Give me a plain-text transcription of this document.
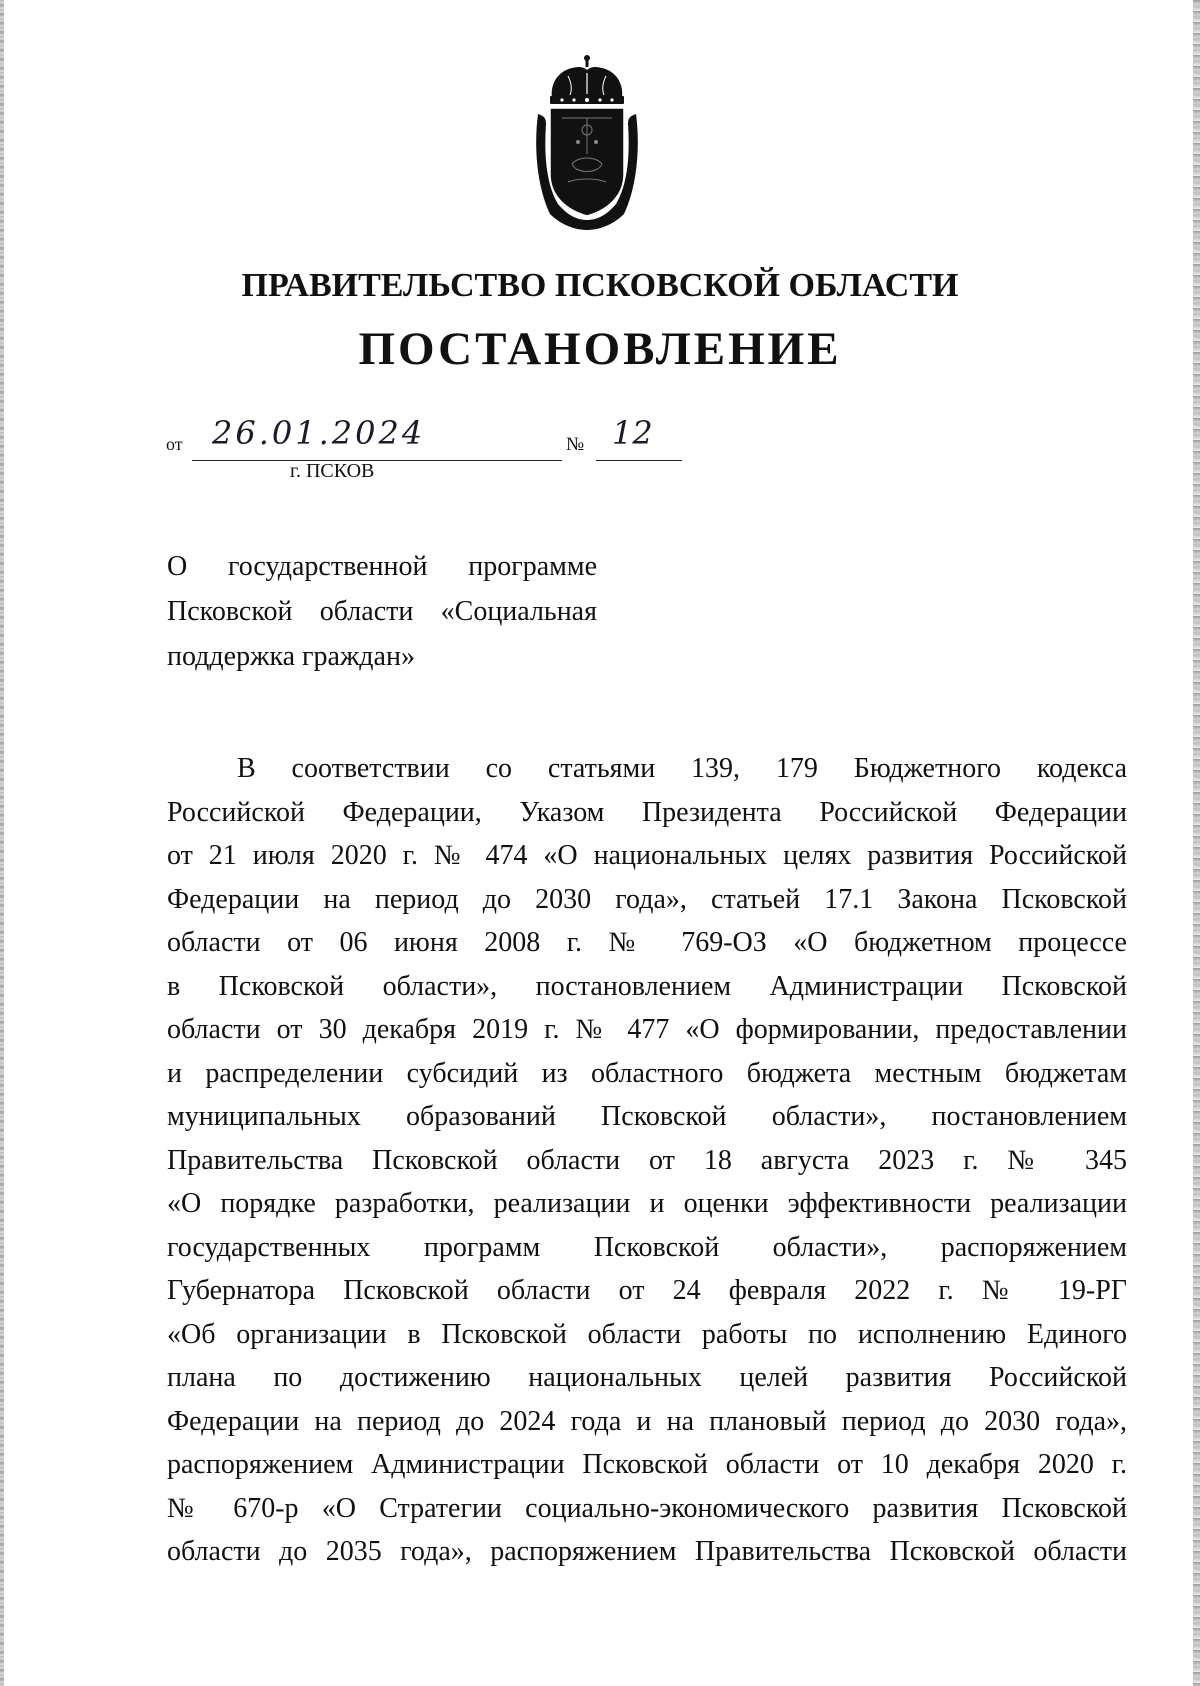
ПРАВИТЕЛЬСТВО ПСКОВСКОЙ ОБЛАСТИ
ПОСТАНОВЛЕНИЕ
от 26.01.2024	№ 12
г. ПСКОВ
О государственной программе
Псковской области «Социальная
поддержка граждан»
В соответствии со статьями 139, 179 Бюджетного кодекса
Российской Федерации, Указом Президента Российской Федерации
от 21 июля 2020 г. № 474 «О национальных целях развития Российской
Федерации на период до 2030 года», статьей 17.1 Закона Псковской
области от 06 июня 2008 г. № 769-ОЗ «О бюджетном процессе
в Псковской области», постановлением Администрации Псковской
области от 30 декабря 2019 г. № 477 «О формировании, предоставлении
и распределении субсидий из областного бюджета местным бюджетам
муниципальных образований Псковской области», постановлением
Правительства Псковской области от 18 августа 2023 г. № 345
«О порядке разработки, реализации и оценки эффективности реализации
государственных программ Псковской области», распоряжением
Губернатора Псковской области от 24 февраля 2022 г. № 19-РГ
«Об организации в Псковской области работы по исполнению Единого
плана по достижению национальных целей развития Российской
Федерации на период до 2024 года и на плановый период до 2030 года»,
распоряжением Администрации Псковской области от 10 декабря 2020 г.
№ 670-р «О Стратегии социально-экономического развития Псковской
области до 2035 года», распоряжением Правительства Псковской области
